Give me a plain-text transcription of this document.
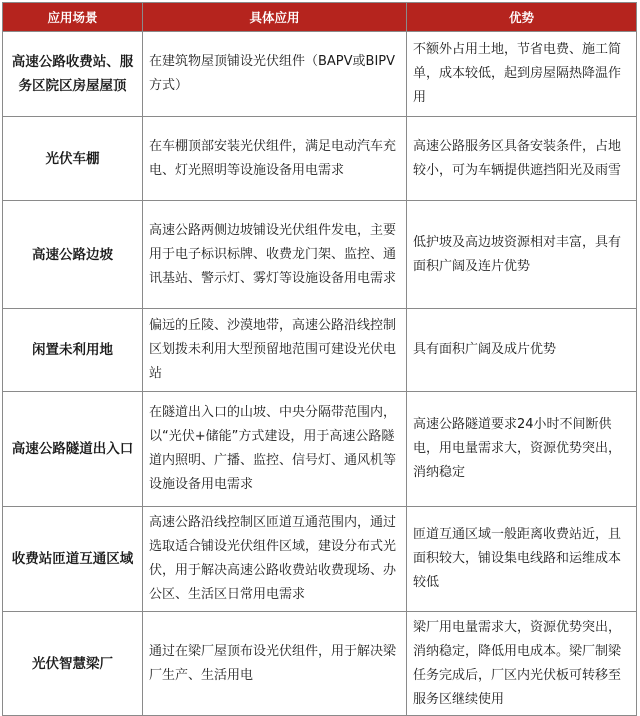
应用场景	具体应用	优势
高速公路收费站、服务区院区房屋屋顶	在建筑物屋顶铺设光伏组件（BAPV或BIPV方式）	不额外占用土地，节省电费、施工简单，成本较低，起到房屋隔热降温作用
光伏车棚	在车棚顶部安装光伏组件，满足电动汽车充电、灯光照明等设施设备用电需求	高速公路服务区具备安装条件，占地较小，可为车辆提供遮挡阳光及雨雪
高速公路边坡	高速公路两侧边坡铺设光伏组件发电，主要用于电子标识标牌、收费龙门架、监控、通讯基站、警示灯、雾灯等设施设备用电需求	低护坡及高边坡资源相对丰富，具有面积广阔及连片优势
闲置未利用地	偏远的丘陵、沙漠地带，高速公路沿线控制区划拨未利用大型预留地范围可建设光伏电站	具有面积广阔及成片优势
高速公路隧道出入口	在隧道出入口的山坡、中央分隔带范围内，以“光伏+储能”方式建设，用于高速公路隧道内照明、广播、监控、信号灯、通风机等设施设备用电需求	高速公路隧道要求24小时不间断供电，用电量需求大，资源优势突出，消纳稳定
收费站匝道互通区域	高速公路沿线控制区匝道互通范围内，通过选取适合铺设光伏组件区域，建设分布式光伏，用于解决高速公路收费站收费现场、办公区、生活区日常用电需求	匝道互通区域一般距离收费站近，且面积较大，铺设集电线路和运维成本较低
光伏智慧梁厂	通过在梁厂屋顶布设光伏组件，用于解决梁厂生产、生活用电	梁厂用电量需求大，资源优势突出，消纳稳定，降低用电成本。梁厂制梁任务完成后，厂区内光伏板可转移至服务区继续使用
